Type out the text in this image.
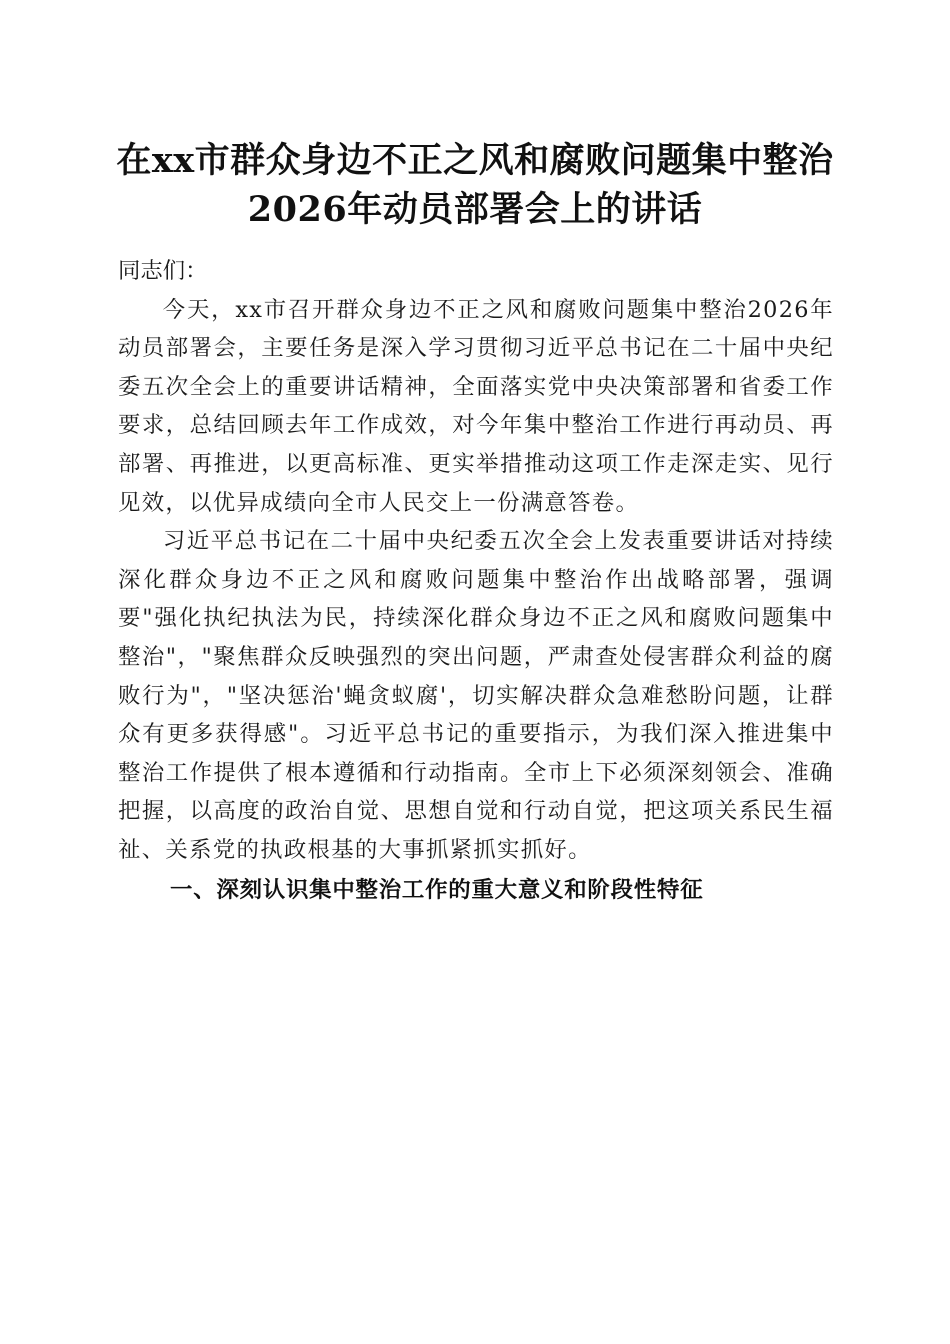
在xx市群众身边不正之风和腐败问题集中整治2026年动员部署会上的讲话

同志们：

今天，xx市召开群众身边不正之风和腐败问题集中整治2026年动员部署会，主要任务是深入学习贯彻习近平总书记在二十届中央纪委五次全会上的重要讲话精神，全面落实党中央决策部署和省委工作要求，总结回顾去年工作成效，对今年集中整治工作进行再动员、再部署、再推进，以更高标准、更实举措推动这项工作走深走实、见行见效，以优异成绩向全市人民交上一份满意答卷。

习近平总书记在二十届中央纪委五次全会上发表重要讲话对持续深化群众身边不正之风和腐败问题集中整治作出战略部署，强调要"强化执纪执法为民，持续深化群众身边不正之风和腐败问题集中整治"，"聚焦群众反映强烈的突出问题，严肃查处侵害群众利益的腐败行为"，"坚决惩治'蝇贪蚁腐'，切实解决群众急难愁盼问题，让群众有更多获得感"。习近平总书记的重要指示，为我们深入推进集中整治工作提供了根本遵循和行动指南。全市上下必须深刻领会、准确把握，以高度的政治自觉、思想自觉和行动自觉，把这项关系民生福祉、关系党的执政根基的大事抓紧抓实抓好。

一、深刻认识集中整治工作的重大意义和阶段性特征
